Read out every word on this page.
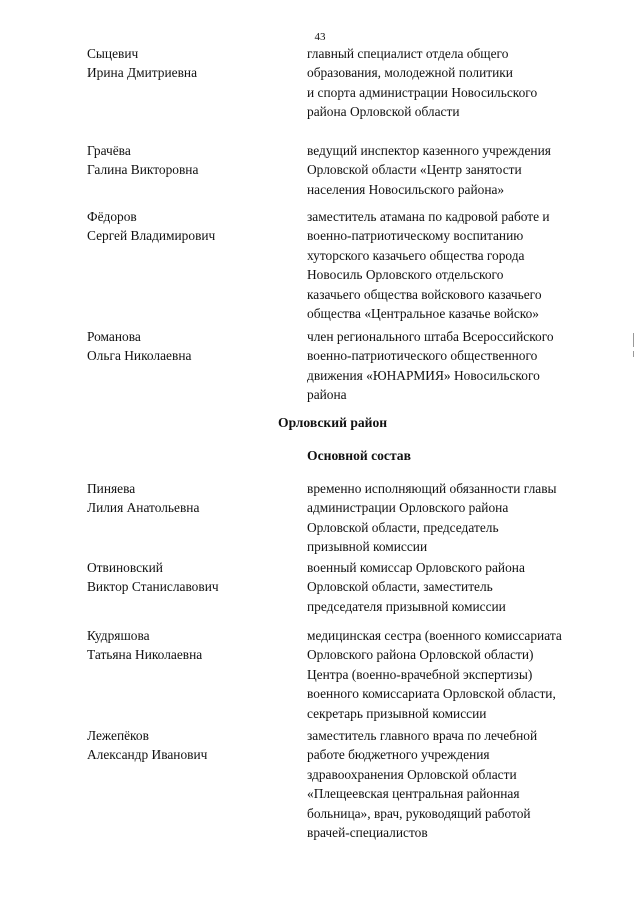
43
Сыцевич
Ирина Дмитриевна
главный специалист отдела общего
образования, молодежной политики
и спорта администрации Новосильского
района Орловской области
Грачёва
Галина Викторовна
ведущий инспектор казенного учреждения
Орловской области «Центр занятости
населения Новосильского района»
Фёдоров
Сергей Владимирович
заместитель атамана по кадровой работе и
военно-патриотическому воспитанию
хуторского казачьего общества города
Новосиль Орловского отдельского
казачьего общества войскового казачьего
общества «Центральное казачье войско»
Романова
Ольга Николаевна
член регионального штаба Всероссийского
военно-патриотического общественного
движения «ЮНАРМИЯ» Новосильского
района
Орловский район
Основной состав
Пиняева
Лилия Анатольевна
временно исполняющий обязанности главы
администрации Орловского района
Орловской области, председатель
призывной комиссии
Отвиновский
Виктор Станиславович
военный комиссар Орловского района
Орловской области, заместитель
председателя призывной комиссии
Кудряшова
Татьяна Николаевна
медицинская сестра (военного комиссариата
Орловского района Орловской области)
Центра (военно-врачебной экспертизы)
военного комиссариата Орловской области,
секретарь призывной комиссии
Лежепёков
Александр Иванович
заместитель главного врача по лечебной
работе бюджетного учреждения
здравоохранения Орловской области
«Плещеевская центральная районная
больница», врач, руководящий работой
врачей-специалистов
